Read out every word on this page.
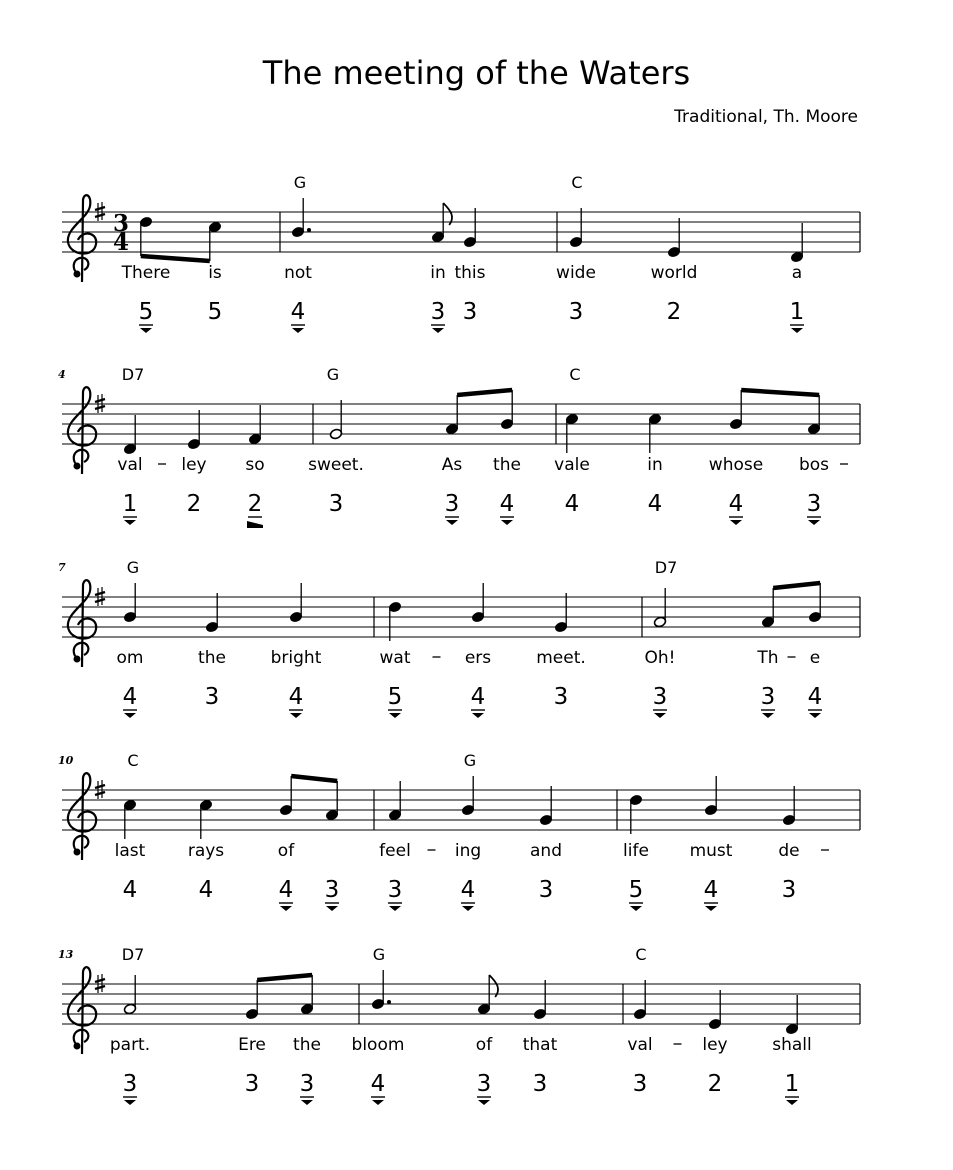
The meeting of the Waters
Traditional, Th. Moore
3
4
There
5
is
5
G
not
4
in
3
this
3
C
wide
3
world
2
a
1
4	D7
val
1
ley
2
so
2
G
sweet.
3
As
3
the
4
C
vale
4
in
4
whose
4
bos
3
7	G
om
4
the
3
bright
4
wat
5
ers
4
meet.
3
D7
Oh!
3
Th
3
e
4
10	C
last
4
rays
4
of
4 3
G
feel
3
ing
4
and
3
life
5
must
4
de
3
13	D7
part.
3
Ere
3
the
3
G
bloom
4
of
3
that
3
C
val
3
ley
2
shall
1
